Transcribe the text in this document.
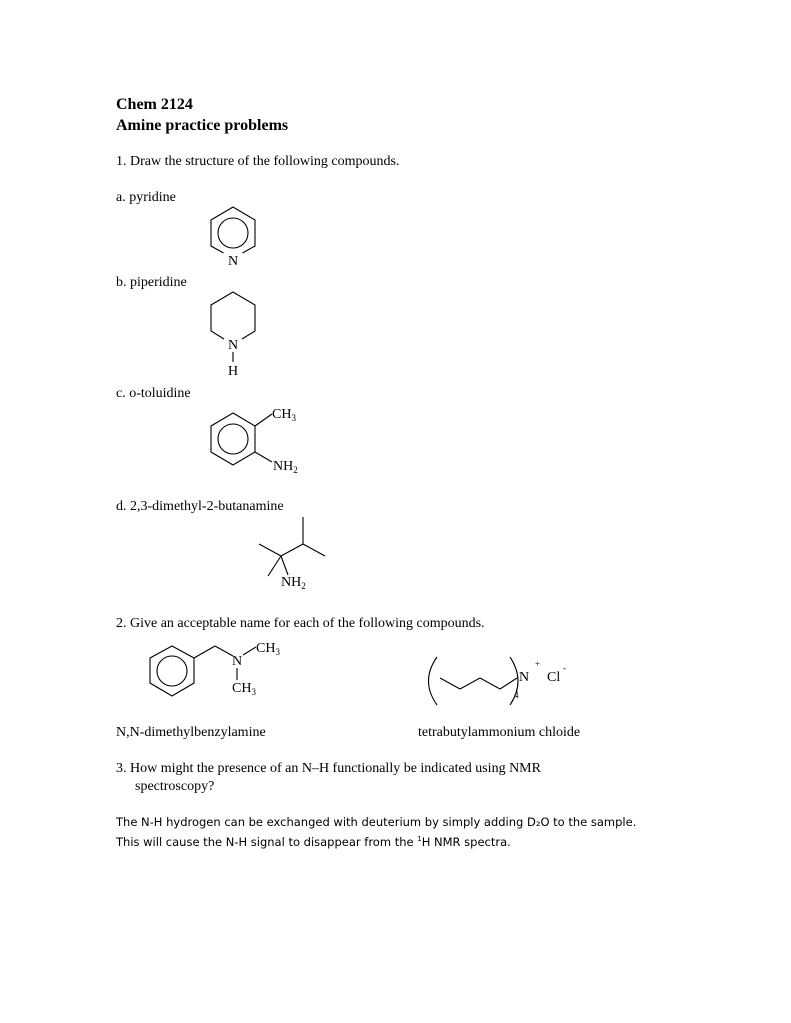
Chem 2124
Amine practice problems
1. Draw the structure of the following compounds.
a. pyridine
b. piperidine
c. o-toluidine
d. 2,3-dimethyl-2-butanamine
2. Give an acceptable name for each of the following compounds.
N,N-dimethylbenzylamine	tetrabutylammonium chloide
3. How might the presence of an N–H functionally be indicated using NMR
spectroscopy?
The N-H hydrogen can be exchanged with deuterium by simply adding D₂O to the sample.
This will cause the N-H signal to disappear from the $^1$H NMR spectra.
N
N
H
$CH_3$
$NH_2$
$NH_2$
N
$CH_3$
$CH_3$
N
+
Cl
-
4
